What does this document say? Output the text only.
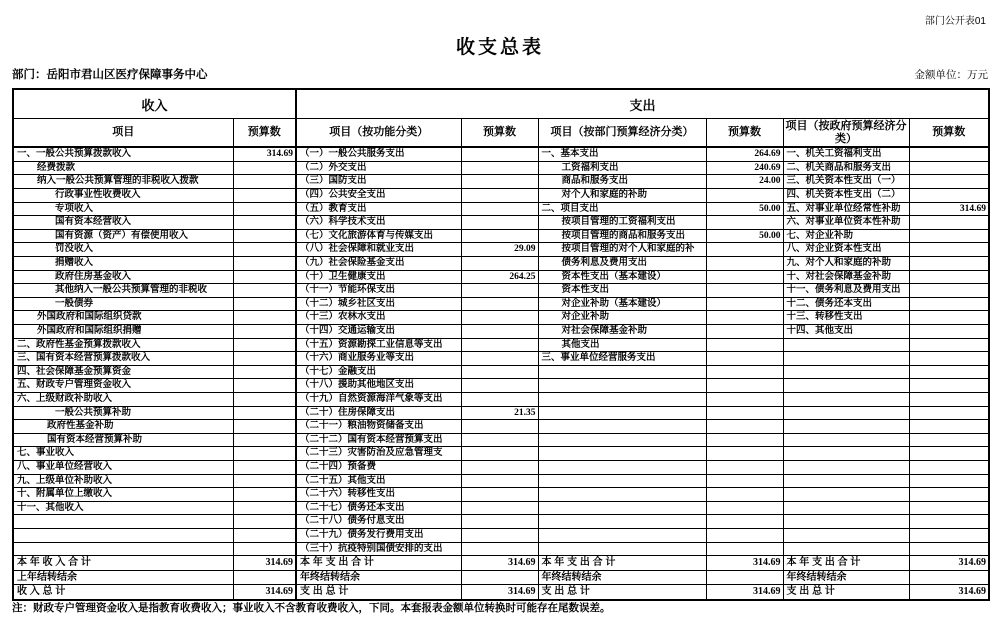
部门公开表01
收支总表
部门：岳阳市君山区医疗保障事务中心	金额单位：万元
收入		支出					
项目	预算数	项目（按功能分类）	预算数	项目（按部门预算经济分类）	预算数	项目（按政府预算经济分类）	预算数
一、一般公共预算拨款收入	314.69	（一）一般公共服务支出		一、基本支出	264.69	一、机关工资福利支出	
经费拨款		（二）外交支出		工资福利支出	240.69	二、机关商品和服务支出	
纳入一般公共预算管理的非税收入拨款		（三）国防支出		商品和服务支出	24.00	三、机关资本性支出（一）	
行政事业性收费收入		（四）公共安全支出		对个人和家庭的补助		四、机关资本性支出（二）	
专项收入		（五）教育支出		二、项目支出	50.00	五、对事业单位经常性补助	314.69
国有资本经营收入		（六）科学技术支出		按项目管理的工资福利支出		六、对事业单位资本性补助	
国有资源（资产）有偿使用收入		（七）文化旅游体育与传媒支出		按项目管理的商品和服务支出	50.00	七、对企业补助	
罚没收入		（八）社会保障和就业支出	29.09	按项目管理的对个人和家庭的补		八、对企业资本性支出	
捐赠收入		（九）社会保险基金支出		债务利息及费用支出		九、对个人和家庭的补助	
政府住房基金收入		（十）卫生健康支出	264.25	资本性支出（基本建设）		十、对社会保障基金补助	
其他纳入一般公共预算管理的非税收		（十一）节能环保支出		资本性支出		十一、债务利息及费用支出	
一般债券		（十二）城乡社区支出		对企业补助（基本建设）		十二、债务还本支出	
外国政府和国际组织贷款		（十三）农林水支出		对企业补助		十三、转移性支出	
外国政府和国际组织捐赠		（十四）交通运输支出		对社会保障基金补助		十四、其他支出	
二、政府性基金预算拨款收入		（十五）资源勘探工业信息等支出		其他支出			
三、国有资本经营预算拨款收入		（十六）商业服务业等支出		三、事业单位经营服务支出			
四、社会保障基金预算资金		（十七）金融支出					
五、财政专户管理资金收入		（十八）援助其他地区支出					
六、上级财政补助收入		（十九）自然资源海洋气象等支出					
一般公共预算补助		（二十）住房保障支出	21.35				
政府性基金补助		（二十一）粮油物资储备支出					
国有资本经营预算补助		（二十二）国有资本经营预算支出					
七、事业收入		（二十三）灾害防治及应急管理支					
八、事业单位经营收入		（二十四）预备费					
九、上级单位补助收入		（二十五）其他支出					
十、附属单位上缴收入		（二十六）转移性支出					
十一、其他收入		（二十七）债务还本支出					
		（二十八）债务付息支出					
		（二十九）债务发行费用支出					
		（三十）抗疫特别国债安排的支出					
本 年 收 入 合 计	314.69	本 年 支 出 合 计	314.69	本 年 支 出 合 计	314.69	本 年 支 出 合 计	314.69
上年结转结余		年终结转结余		年终结转结余		年终结转结余	
收 入 总 计	314.69	支 出 总 计	314.69	支 出 总 计	314.69	支 出 总 计	314.69
注：财政专户管理资金收入是指教育收费收入；事业收入不含教育收费收入，下同。本套报表金额单位转换时可能存在尾数误差。
